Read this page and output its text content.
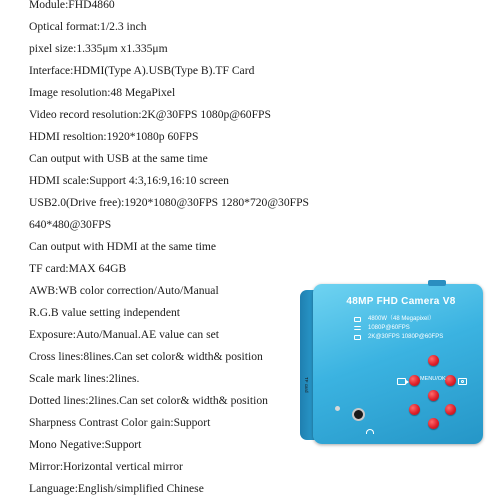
Module:FHD4860
Optical format:1/2.3 inch
pixel size:1.335μm x1.335μm
Interface:HDMI(Type A).USB(Type B).TF Card
Image resolution:48 MegaPixel
Video record resolution:2K@30FPS 1080p@60FPS
HDMI resoltion:1920*1080p 60FPS
Can output with USB at the same time
HDMI scale:Support 4:3,16:9,16:10 screen
USB2.0(Drive free):1920*1080@30FPS 1280*720@30FPS
640*480@30FPS
Can output with HDMI at the same time
TF card:MAX 64GB
AWB:WB color correction/Auto/Manual
R.G.B value setting independent
Exposure:Auto/Manual.AE value can set
Cross lines:8lines.Can set color& width& position
Scale mark lines:2lines.
Dotted lines:2lines.Can set color& width& position
Sharpness Contrast Color gain:Support
Mono Negative:Support
Mirror:Horizontal vertical mirror
Language:English/simplified Chinese
48MP FHD Camera V8
4800W（48 Megapixel）
1080P@60FPS
2K@30FPS 1080P@60FPS
MENU/OK
TF card
